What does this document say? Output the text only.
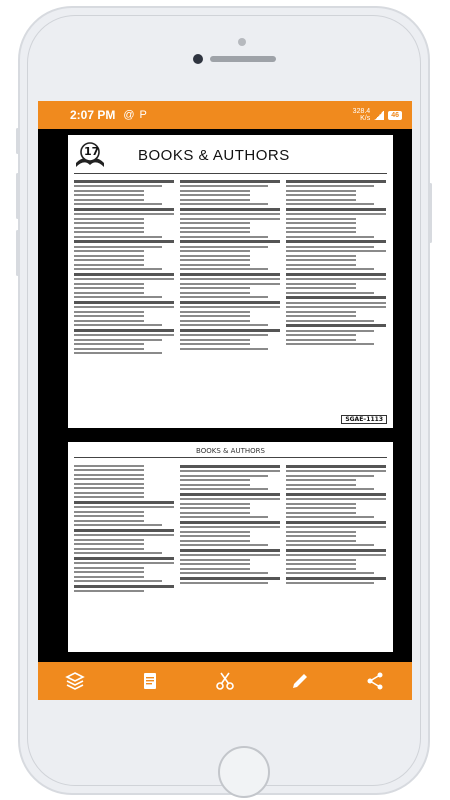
2:07 PM @ P	328.4
K/s	46
17	BOOKS & AUTHORS
SGAE–1113
BOOKS & AUTHORS
